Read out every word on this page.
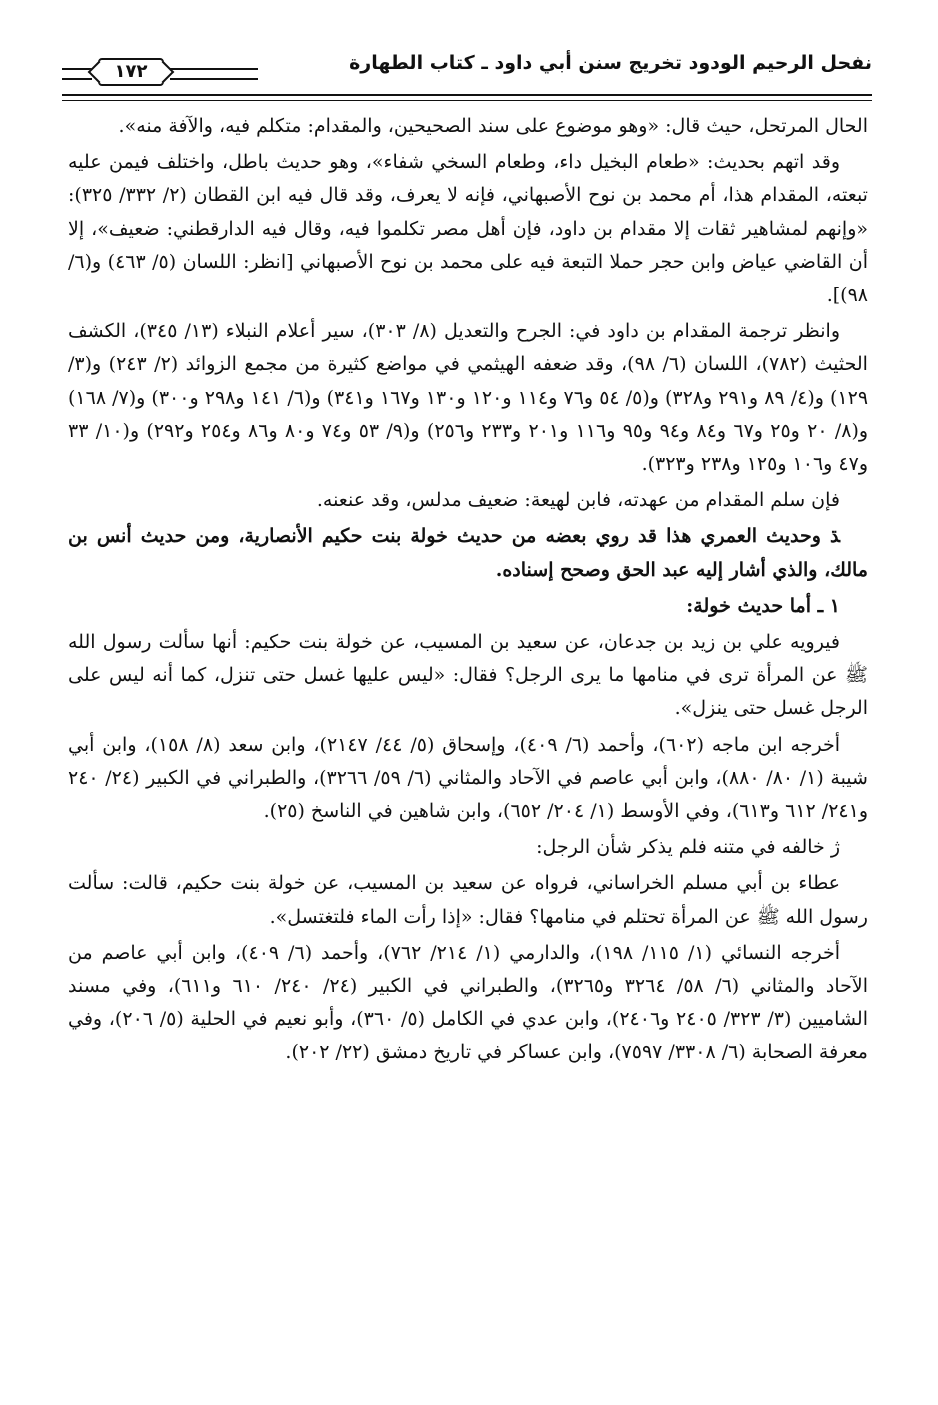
نفحل الرحيم الودود تخريج سنن أبي داود ـ كتاب الطهارة
١٧٢

الحال المرتحل، حيث قال: «وهو موضوع على سند الصحيحين، والمقدام: متكلم فيه، والآفة منه».

وقد اتهم بحديث: «طعام البخيل داء، وطعام السخي شفاء»، وهو حديث باطل، واختلف فيمن عليه تبعته، المقدام هذا، أم محمد بن نوح الأصبهاني، فإنه لا يعرف، وقد قال فيه ابن القطان (٢/ ٣٣٢/ ٣٢٥): «وإنهم لمشاهير ثقات إلا مقدام بن داود، فإن أهل مصر تكلموا فيه، وقال فيه الدارقطني: ضعيف»، إلا أن القاضي عياض وابن حجر حملا التبعة فيه على محمد بن نوح الأصبهاني [انظر: اللسان (٥/ ٤٦٣) و(٦/ ٩٨)].

وانظر ترجمة المقدام بن داود في: الجرح والتعديل (٨/ ٣٠٣)، سير أعلام النبلاء (١٣/ ٣٤٥)، الكشف الحثيث (٧٨٢)، اللسان (٦/ ٩٨)، وقد ضعفه الهيثمي في مواضع كثيرة من مجمع الزوائد (٢/ ٢٤٣) و(٣/ ١٢٩) و(٤/ ٨٩ و٢٩١ و٣٢٨) و(٥/ ٥٤ و٧٦ و١١٤ و١٢٠ و١٣٠ و١٦٧ و٣٤١) و(٦/ ١٤١ و٢٩٨ و٣٠٠) و(٧/ ١٦٨) و(٨/ ٢٠ و٢٥ و٦٧ و٨٤ و٩٤ و٩٥ و١١٦ و٢٠١ و٢٣٣ و٢٥٦) و(٩/ ٥٣ و٧٤ و٨٠ و٨٦ و٢٥٤ و٢٩٢) و(١٠/ ٣٣ و٤٧ و١٠٦ و١٢٥ و٢٣٨ و٣٢٣).

فإن سلم المقدام من عهدته، فابن لهيعة: ضعيف مدلس، وقد عنعنه.

ﮅ وحديث العمري هذا قد روي بعضه من حديث خولة بنت حكيم الأنصارية، ومن حديث أنس بن مالك، والذي أشار إليه عبد الحق وصحح إسناده.

١ ـ أما حديث خولة:

فيرويه علي بن زيد بن جدعان، عن سعيد بن المسيب، عن خولة بنت حكيم: أنها سألت رسول الله ﷺ عن المرأة ترى في منامها ما يرى الرجل؟ فقال: «ليس عليها غسل حتى تنزل، كما أنه ليس على الرجل غسل حتى ينزل».

أخرجه ابن ماجه (٦٠٢)، وأحمد (٦/ ٤٠٩)، وإسحاق (٥/ ٤٤/ ٢١٤٧)، وابن سعد (٨/ ١٥٨)، وابن أبي شيبة (١/ ٨٠/ ٨٨٠)، وابن أبي عاصم في الآحاد والمثاني (٦/ ٥٩/ ٣٢٦٦)، والطبراني في الكبير (٢٤/ ٢٤٠ و٢٤١/ ٦١٢ و٦١٣)، وفي الأوسط (١/ ٢٠٤/ ٦٥٢)، وابن شاهين في الناسخ (٢٥).

ﮊ خالفه في متنه فلم يذكر شأن الرجل:

عطاء بن أبي مسلم الخراساني، فرواه عن سعيد بن المسيب، عن خولة بنت حكيم، قالت: سألت رسول الله ﷺ عن المرأة تحتلم في منامها؟ فقال: «إذا رأت الماء فلتغتسل».

أخرجه النسائي (١/ ١١٥/ ١٩٨)، والدارمي (١/ ٢١٤/ ٧٦٢)، وأحمد (٦/ ٤٠٩)، وابن أبي عاصم من الآحاد والمثاني (٦/ ٥٨/ ٣٢٦٤ و٣٢٦٥)، والطبراني في الكبير (٢٤/ ٢٤٠/ ٦١٠ و٦١١)، وفي مسند الشاميين (٣/ ٣٢٣/ ٢٤٠٥ و٢٤٠٦)، وابن عدي في الكامل (٥/ ٣٦٠)، وأبو نعيم في الحلية (٥/ ٢٠٦)، وفي معرفة الصحابة (٦/ ٣٣٠٨/ ٧٥٩٧)، وابن عساكر في تاريخ دمشق (٢٢/ ٢٠٢).
